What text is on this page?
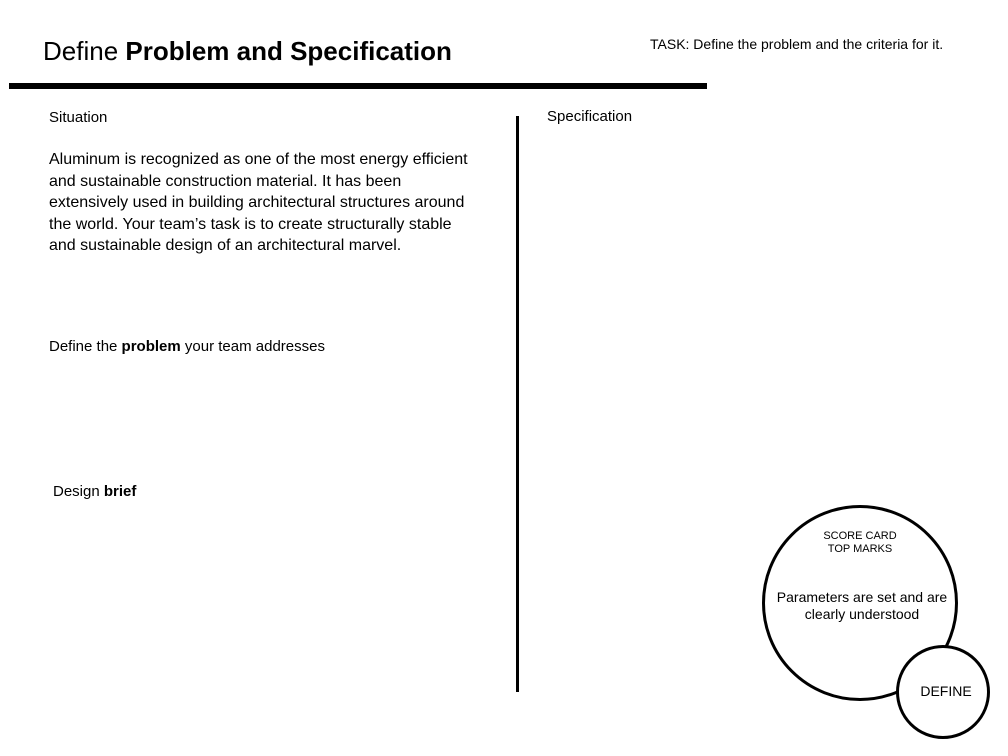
Define Problem and Specification	TASK: Define the problem and the criteria for it.
Situation
Aluminum is recognized as one of the most energy efficient and sustainable construction material. It has been extensively used in building architectural structures around the world. Your team’s task is to create structurally stable and sustainable design of an architectural marvel.
Specification
Define the problem your team addresses
Design brief
SCORE CARD
TOP MARKS
Parameters are set and are clearly understood
DEFINE
